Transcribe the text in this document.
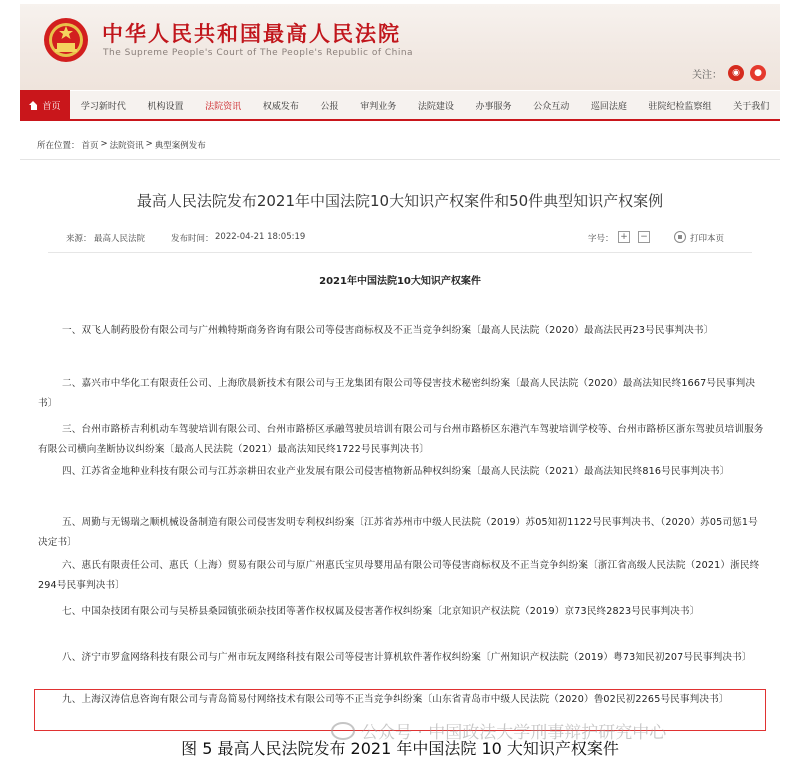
中华人民共和国最高人民法院
The Supreme People's Court of The People's Republic of China
关注：	◉	●
首页	学习新时代	机构设置	法院资讯	权威发布	公报	审判业务	法院建设	办事服务	公众互动	巡回法庭	驻院纪检监察组	关于我们
所在位置： 首页 > 法院资讯 > 典型案例发布
最高人民法院发布2021年中国法院10大知识产权案件和50件典型知识产权案例
来源： 最高人民法院	发布时间： 2022-04-21 18:05:19	字号： + −	打印本页
2021年中国法院10大知识产权案件

一、双飞人制药股份有限公司与广州赖特斯商务咨询有限公司等侵害商标权及不正当竞争纠纷案〔最高人民法院（2020）最高法民再23号民事判决书〕

二、嘉兴市中华化工有限责任公司、上海欣晨新技术有限公司与王龙集团有限公司等侵害技术秘密纠纷案〔最高人民法院（2020）最高法知民终1667号民事判决书〕

三、台州市路桥吉利机动车驾驶培训有限公司、台州市路桥区承融驾驶员培训有限公司与台州市路桥区东港汽车驾驶培训学校等、台州市路桥区浙东驾驶员培训服务有限公司横向垄断协议纠纷案〔最高人民法院（2021）最高法知民终1722号民事判决书〕

四、江苏省金地种业科技有限公司与江苏亲耕田农业产业发展有限公司侵害植物新品种权纠纷案〔最高人民法院（2021）最高法知民终816号民事判决书〕

五、周勤与无锡瑞之顺机械设备制造有限公司侵害发明专利权纠纷案〔江苏省苏州市中级人民法院（2019）苏05知初1122号民事判决书、（2020）苏05司惩1号决定书〕

六、惠氏有限责任公司、惠氏（上海）贸易有限公司与原广州惠氏宝贝母婴用品有限公司等侵害商标权及不正当竞争纠纷案〔浙江省高级人民法院（2021）浙民终294号民事判决书〕

七、中国杂技团有限公司与吴桥县桑园镇张硕杂技团等著作权权属及侵害著作权纠纷案〔北京知识产权法院（2019）京73民终2823号民事判决书〕

八、济宁市罗盒网络科技有限公司与广州市玩友网络科技有限公司等侵害计算机软件著作权纠纷案〔广州知识产权法院（2019）粤73知民初207号民事判决书〕

九、上海汉涛信息咨询有限公司与青岛简易付网络技术有限公司等不正当竞争纠纷案〔山东省青岛市中级人民法院（2020）鲁02民初2265号民事判决书〕

公众号 · 中国政法大学刑事辩护研究中心
图 5 最高人民法院发布 2021 年中国法院 10 大知识产权案件
